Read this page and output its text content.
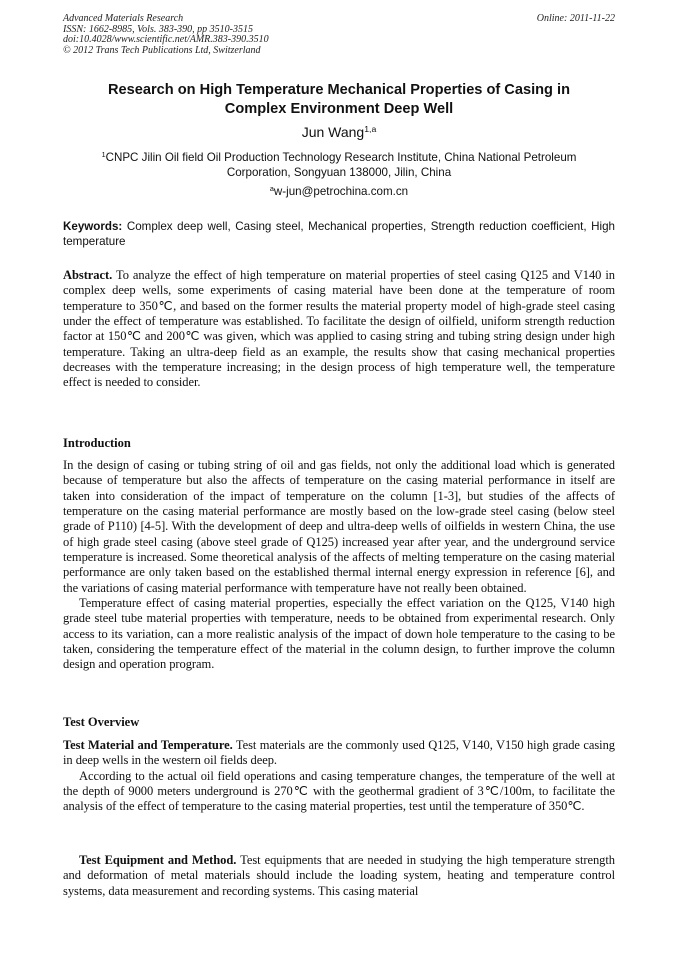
Advanced Materials Research
ISSN: 1662-8985, Vols. 383-390, pp 3510-3515
doi:10.4028/www.scientific.net/AMR.383-390.3510
© 2012 Trans Tech Publications Ltd, Switzerland
Online: 2011-11-22
Research on High Temperature Mechanical Properties of Casing in
Complex Environment Deep Well
Jun Wang$^{1,a}$
$^1$CNPC Jilin Oil field Oil Production Technology Research Institute, China National Petroleum
Corporation, Songyuan 138000, Jilin, China
$^a$w-jun@petrochina.com.cn
Keywords: Complex deep well, Casing steel, Mechanical properties, Strength reduction coefficient, High temperature
Abstract. To analyze the effect of high temperature on material properties of steel casing Q125 and V140 in complex deep wells, some experiments of casing material have been done at the temperature of room temperature to 350℃, and based on the former results the material property model of high-grade steel casing under the effect of temperature was established. To facilitate the design of oilfield, uniform strength reduction factor at 150℃ and 200℃ was given, which was applied to casing string and tubing string design under high temperature. Taking an ultra-deep field as an example, the results show that casing mechanical properties decreases with the temperature increasing; in the design process of high temperature well, the temperature effect is needed to consider.
Introduction

In the design of casing or tubing string of oil and gas fields, not only the additional load which is generated because of temperature but also the affects of temperature on the casing material performance in itself are taken into consideration of the impact of temperature on the column [1-3], but studies of the affects of temperature on the casing material performance are mostly based on the low-grade steel casing (below steel grade of P110) [4-5]. With the development of deep and ultra-deep wells of oilfields in western China, the use of high grade steel casing (above steel grade of Q125) increased year after year, and the underground service temperature is increased. Some theoretical analysis of the affects of melting temperature on the casing material performance are only taken based on the established thermal internal energy expression in reference [6], and the variations of casing material performance with temperature have not really been obtained.

Temperature effect of casing material properties, especially the effect variation on the Q125, V140 high grade steel tube material properties with temperature, needs to be obtained from experimental research. Only access to its variation, can a more realistic analysis of the impact of down hole temperature to the casing to be taken, considering the temperature effect of the material in the column design, to further improve the column design and operation program.

Test Overview

Test Material and Temperature. Test materials are the commonly used Q125, V140, V150 high grade casing in deep wells in the western oil fields deep.

According to the actual oil field operations and casing temperature changes, the temperature of the well at the depth of 9000 meters underground is 270℃ with the geothermal gradient of 3℃/100m, to facilitate the analysis of the effect of temperature to the casing material properties, test until the temperature of 350℃.

Test Equipment and Method. Test equipments that are needed in studying the high temperature strength and deformation of metal materials should include the loading system, heating and temperature control systems, data measurement and recording systems. This casing material
